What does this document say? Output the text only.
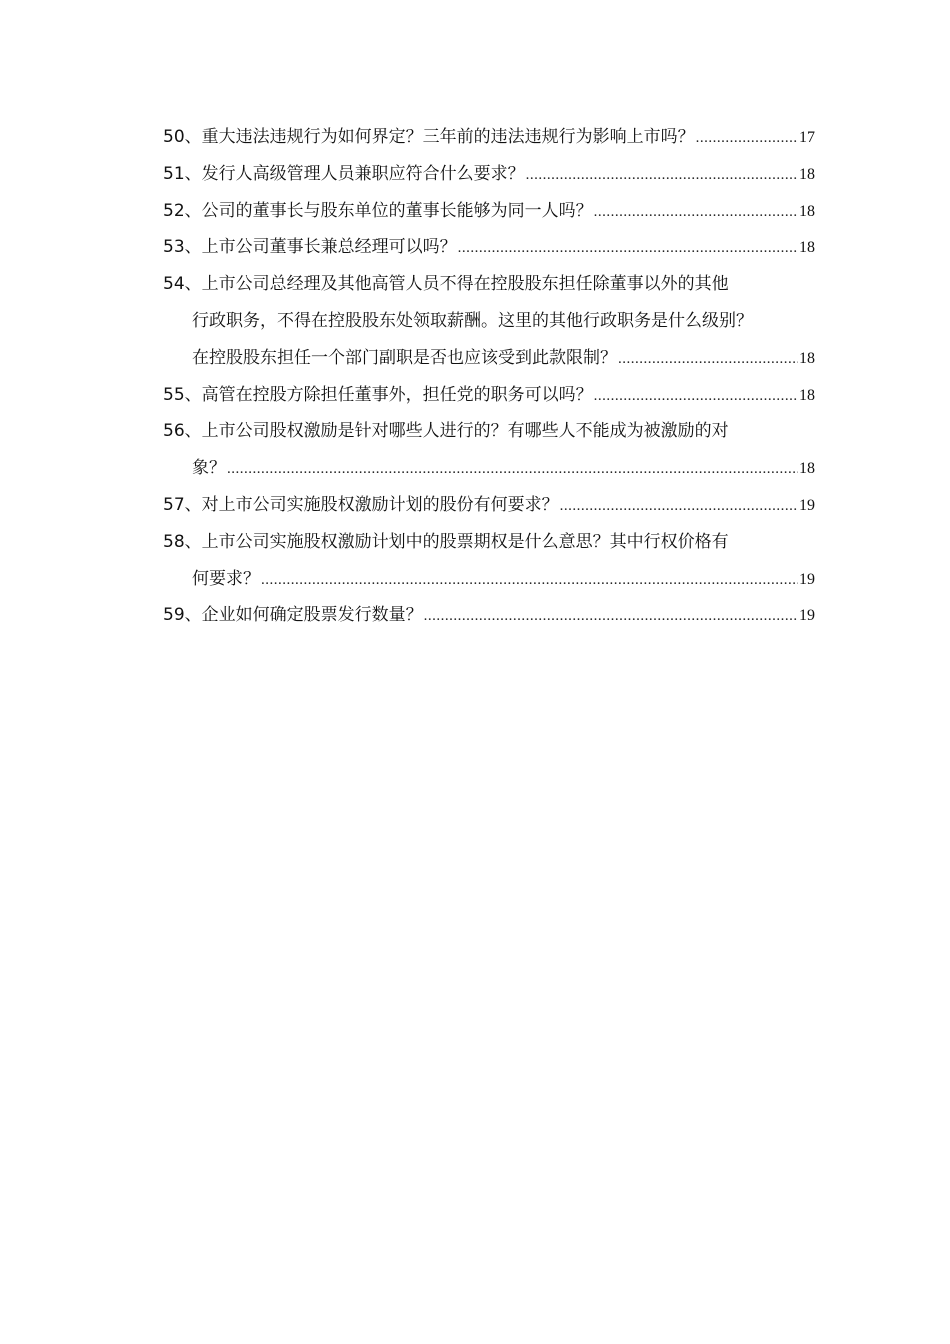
50、 重大违法违规行为如何界定？三年前的违法违规行为影响上市吗？ .....	17
51、 发行人高级管理人员兼职应符合什么要求？ .....	18
52、 公司的董事长与股东单位的董事长能够为同一人吗？ .....	18
53、 上市公司董事长兼总经理可以吗？ .....	18
54、 上市公司总经理及其他高管人员不得在控股股东担任除董事以外的其他
行政职务，不得在控股股东处领取薪酬。这里的其他行政职务是什么级别？
在控股股东担任一个部门副职是否也应该受到此款限制？ .....	18
55、 高管在控股方除担任董事外，担任党的职务可以吗？ .....	18
56、 上市公司股权激励是针对哪些人进行的？有哪些人不能成为被激励的对
象？ .....	18
57、 对上市公司实施股权激励计划的股份有何要求？ .....	19
58、 上市公司实施股权激励计划中的股票期权是什么意思？其中行权价格有
何要求？ .....	19
59、 企业如何确定股票发行数量？ .....	19
